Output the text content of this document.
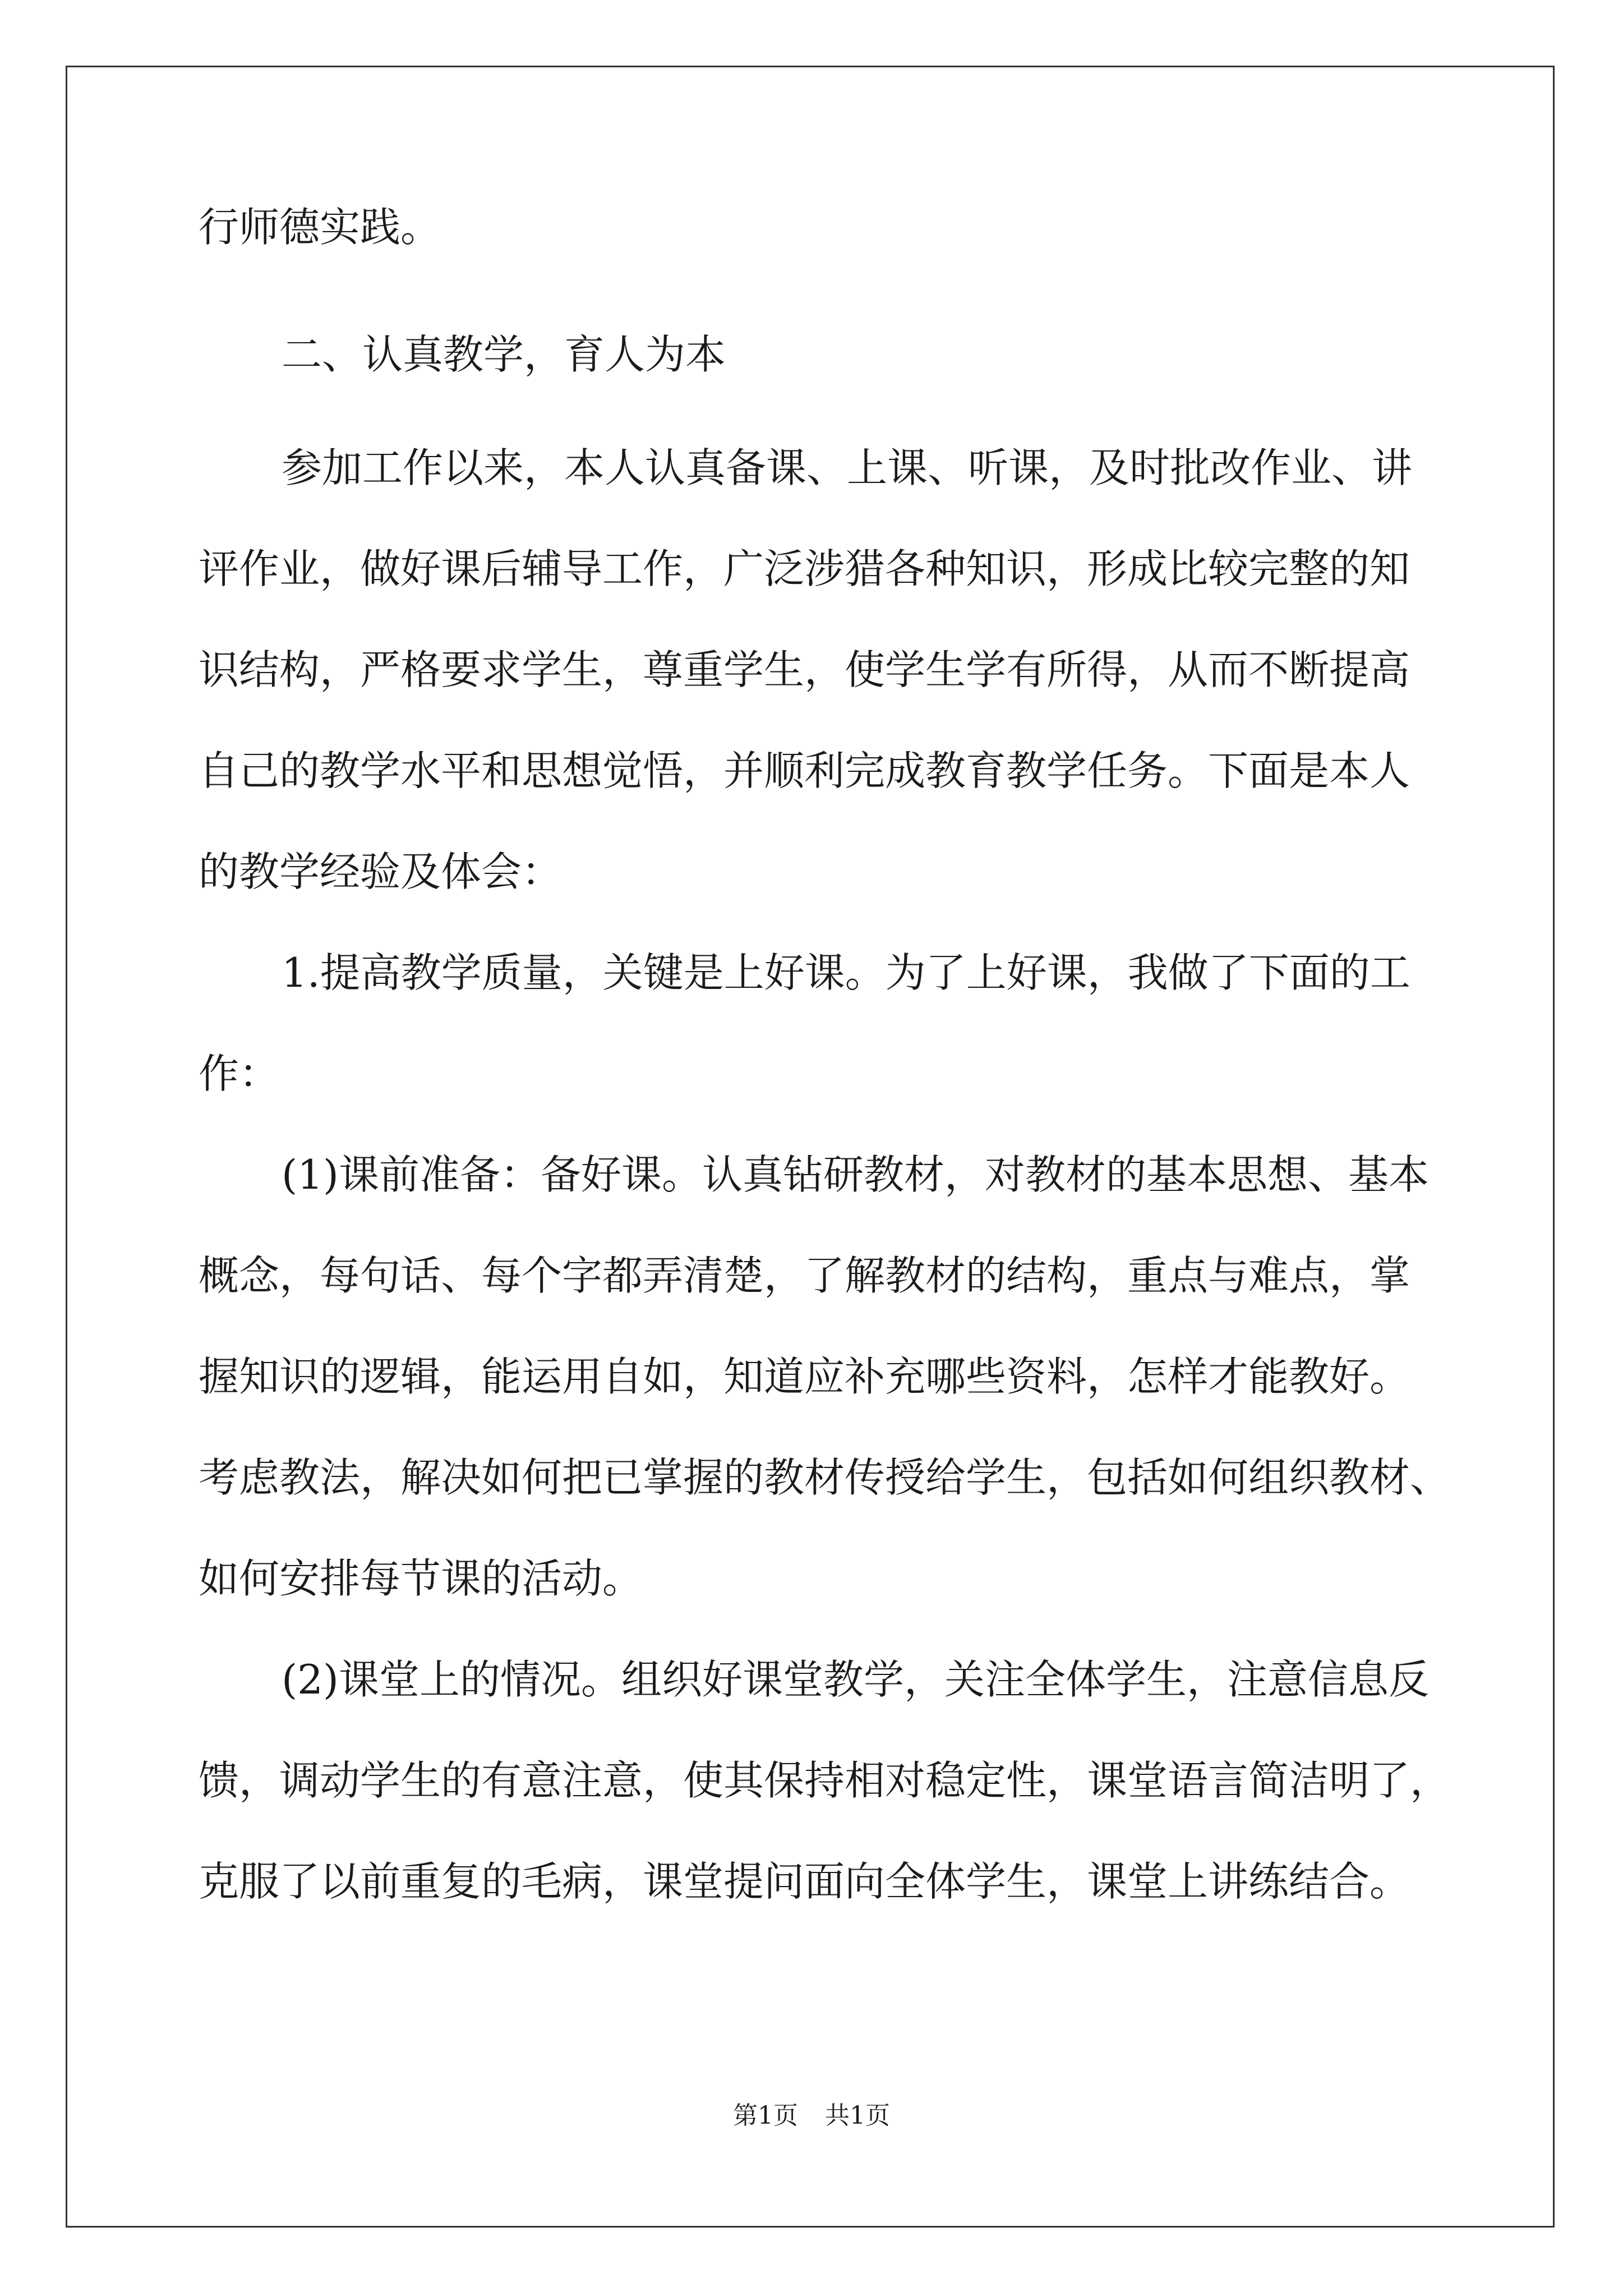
行师德实践。
二、认真教学，育人为本
参加工作以来，本人认真备课、上课、听课，及时批改作业、讲
评作业，做好课后辅导工作，广泛涉猎各种知识，形成比较完整的知
识结构，严格要求学生，尊重学生，使学生学有所得，从而不断提高
自己的教学水平和思想觉悟，并顺利完成教育教学任务。下面是本人
的教学经验及体会：
1.提高教学质量，关键是上好课。为了上好课，我做了下面的工
作：
(1)课前准备：备好课。认真钻研教材，对教材的基本思想、基本
概念，每句话、每个字都弄清楚，了解教材的结构，重点与难点，掌
握知识的逻辑，能运用自如，知道应补充哪些资料，怎样才能教好。
考虑教法，解决如何把已掌握的教材传授给学生，包括如何组织教材、
如何安排每节课的活动。
(2)课堂上的情况。组织好课堂教学，关注全体学生，注意信息反
馈，调动学生的有意注意，使其保持相对稳定性，课堂语言简洁明了，
克服了以前重复的毛病，课堂提问面向全体学生，课堂上讲练结合。
第1页 共1页
